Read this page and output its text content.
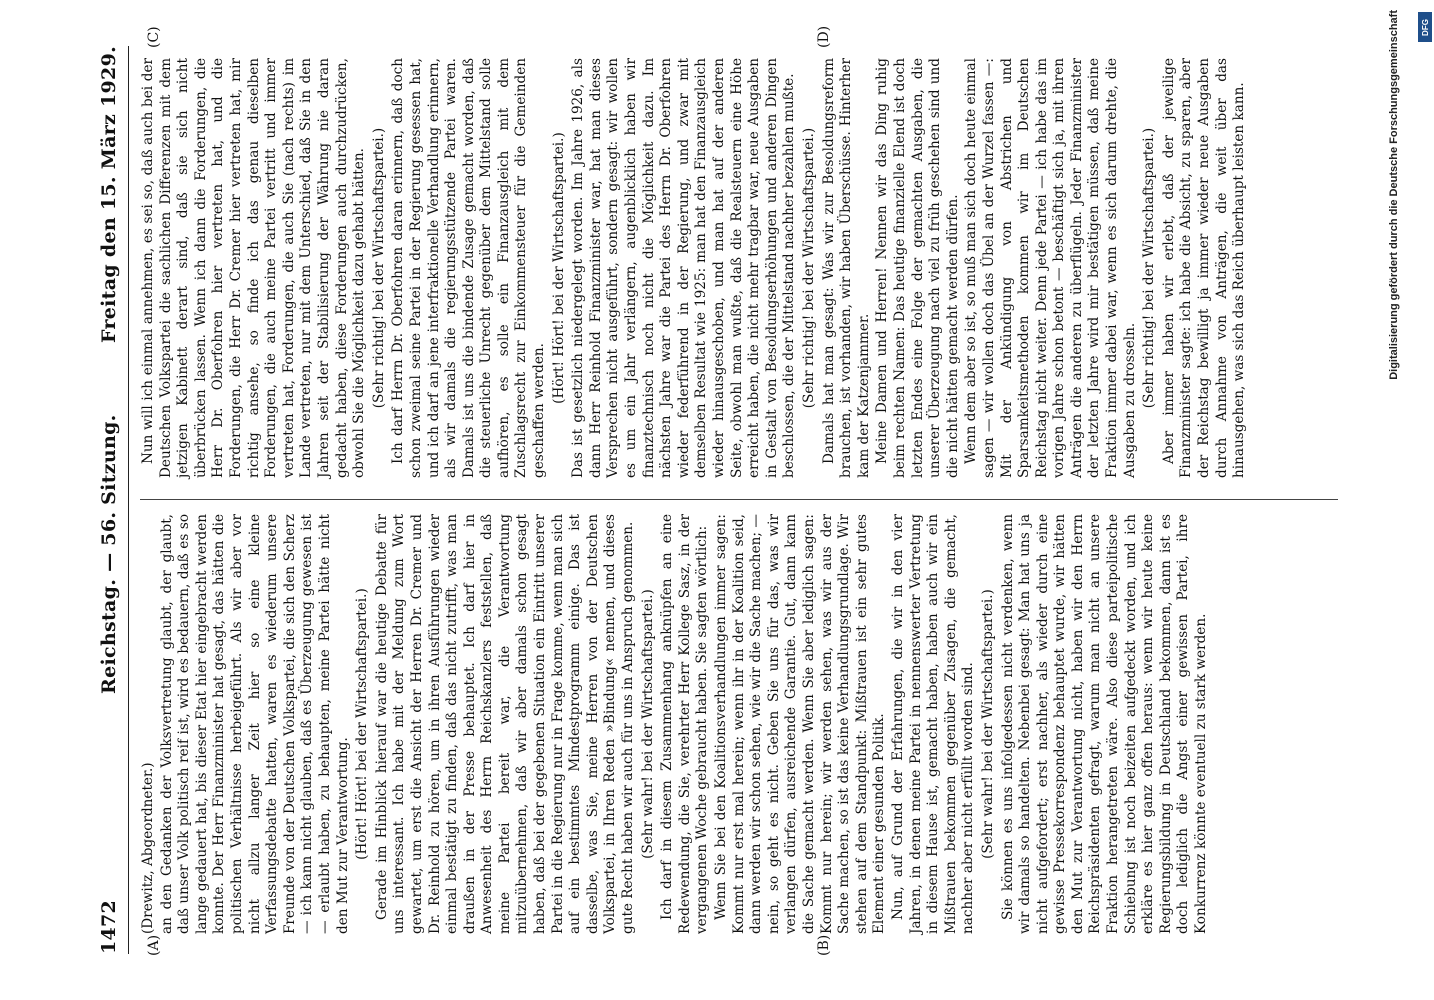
1472
Reichstag. — 56. Sitzung.
Freitag den 15. März 1929.
(A)	(B)
(C)	(D)

(Drewitz, Abgeordneter.) an den Gedanken der Volksvertretung glaubt, der glaubt, daß unser Volk politisch reif ist, wird es bedauern, daß es so lange gedauert hat, bis dieser Etat hier eingebracht werden konnte. Der Herr Finanzminister hat gesagt, das hätten die politischen Verhältnisse herbeigeführt. Als wir aber vor nicht allzu langer Zeit hier so eine kleine Verfassungsdebatte hatten, waren es wiederum unsere Freunde von der Deutschen Volkspartei, die sich den Scherz — ich kann nicht glauben, daß es Überzeugung gewesen ist — erlaubt haben, zu behaupten, meine Partei hätte nicht den Mut zur Verantwortung. (Hört! Hört! bei der Wirtschaftspartei.) Gerade im Hinblick hierauf war die heutige Debatte für uns interessant. Ich habe mit der Meldung zum Wort gewartet, um erst die Ansicht der Herren Dr. Cremer und Dr. Reinhold zu hören, um in ihren Ausführungen wieder einmal bestätigt zu finden, daß das nicht zutrifft, was man draußen in der Presse behauptet. Ich darf hier in Anwesenheit des Herrn Reichskanzlers feststellen, daß meine Partei bereit war, die Verantwortung mitzuübernehmen, daß wir aber damals schon gesagt haben, daß bei der gegebenen Situation ein Eintritt unserer Partei in die Regierung nur in Frage komme, wenn man sich auf ein bestimmtes Mindestprogramm einige. Das ist dasselbe, was Sie, meine Herren von der Deutschen Volkspartei, in Ihren Reden »Bindung« nennen, und dieses gute Recht haben wir auch für uns in Anspruch genommen. (Sehr wahr! bei der Wirtschaftspartei.) Ich darf in diesem Zusammenhang anknüpfen an eine Redewendung, die Sie, verehrter Herr Kollege Sasz, in der vergangenen Woche gebraucht haben. Sie sagten wörtlich: Wenn Sie bei den Koalitionsverhandlungen immer sagen: Kommt nur erst mal herein; wenn ihr in der Koalition seid, dann werden wir schon sehen, wie wir die Sache machen; — nein, so geht es nicht. Geben Sie uns für das, was wir verlangen dürfen, ausreichende Garantie. Gut, dann kann die Sache gemacht werden. Wenn Sie aber lediglich sagen: Kommt nur herein; wir werden sehen, was wir aus der Sache machen, so ist das keine Verhandlungsgrundlage. Wir stehen auf dem Standpunkt: Mißtrauen ist ein sehr gutes Element einer gesunden Politik. Nun, auf Grund der Erfahrungen, die wir in den vier Jahren, in denen meine Partei in nennenswerter Vertretung in diesem Hause ist, gemacht haben, haben auch wir ein Mißtrauen bekommen gegenüber Zusagen, die gemacht, nachher aber nicht erfüllt worden sind. (Sehr wahr! bei der Wirtschaftspartei.) Sie können es uns infolgedessen nicht verdenken, wenn wir damals so handelten. Nebenbei gesagt: Man hat uns ja nicht aufgefordert; erst nachher, als wieder durch eine gewisse Pressekorrespondenz behauptet wurde, wir hätten den Mut zur Verantwortung nicht, haben wir den Herrn Reichspräsidenten gefragt, warum man nicht an unsere Fraktion herangetreten wäre. Also diese parteipolitische Schiebung ist noch beizeiten aufgedeckt worden, und ich erkläre es hier ganz offen heraus: wenn wir heute keine Regierungsbildung in Deutschland bekommen, dann ist es doch lediglich die Angst einer gewissen Partei, ihre Konkurrenz könnte eventuell zu stark werden.

Nun will ich einmal annehmen, es sei so, daß auch bei der Deutschen Volkspartei die sachlichen Differenzen mit dem jetzigen Kabinett derart sind, daß sie sich nicht überbrücken lassen. Wenn ich dann die Forderungen, die Herr Dr. Oberfohren hier vertreten hat, und die Forderungen, die Herr Dr. Cremer hier vertreten hat, mir richtig ansehe, so finde ich das genau dieselben Forderungen, die auch meine Partei vertritt und immer vertreten hat, Forderungen, die auch Sie (nach rechts) im Lande vertreten, nur mit dem Unterschied, daß Sie in den Jahren seit der Stabilisierung der Währung nie daran gedacht haben, diese Forderungen auch durchzudrücken, obwohl Sie die Möglichkeit dazu gehabt hätten. (Sehr richtig! bei der Wirtschaftspartei.) Ich darf Herrn Dr. Oberfohren daran erinnern, daß doch schon zweimal seine Partei in der Regierung gesessen hat, und ich darf an jene interfraktionelle Verhandlung erinnern, als wir damals die regierungsstützende Partei waren. Damals ist uns die bindende Zusage gemacht worden, daß die steuerliche Unrecht gegenüber dem Mittelstand solle aufhören, es solle ein Finanzausgleich mit dem Zuschlagsrecht zur Einkommensteuer für die Gemeinden geschaffen werden.

(Hört! Hört! bei der Wirtschaftspartei.) Das ist gesetzlich niedergelegt worden. Im Jahre 1926, als dann Herr Reinhold Finanzminister war, hat man dieses Versprechen nicht ausgeführt, sondern gesagt: wir wollen es um ein Jahr verlängern, augenblicklich haben wir finanztechnisch noch nicht die Möglichkeit dazu. Im nächsten Jahre war die Partei des Herrn Dr. Oberfohren wieder federführend in der Regierung, und zwar mit demselben Resultat wie 1925: man hat den Finanzausgleich wieder hinausgeschoben, und man hat auf der anderen Seite, obwohl man wußte, daß die Realsteuern eine Höhe erreicht haben, die nicht mehr tragbar war, neue Ausgaben in Gestalt von Besoldungserhöhungen und anderen Dingen beschlossen, die der Mittelstand nachher bezahlen mußte. (Sehr richtig! bei der Wirtschaftspartei.) Damals hat man gesagt: Was wir zur Besoldungsreform brauchen, ist vorhanden, wir haben Überschüsse. Hinterher kam der Katzenjammer. Meine Damen und Herren! Nennen wir das Ding ruhig beim rechten Namen: Das heutige finanzielle Elend ist doch letzten Endes eine Folge der gemachten Ausgaben, die unserer Überzeugung nach viel zu früh geschehen sind und die nicht hätten gemacht werden dürfen. Wenn dem aber so ist, so muß man sich doch heute einmal sagen — wir wollen doch das Übel an der Wurzel fassen —: Mit der Ankündigung von Abstrichen und Sparsamkeitsmethoden kommen wir im Deutschen Reichstag nicht weiter. Denn jede Partei — ich habe das im vorigen Jahre schon betont — beschäftigt sich ja, mit ihren Anträgen die anderen zu überflügeln. Jeder Finanzminister der letzten Jahre wird mir bestätigen müssen, daß meine Fraktion immer dabei war, wenn es sich darum drehte, die Ausgaben zu drosseln. (Sehr richtig! bei der Wirtschaftspartei.) Aber immer haben wir erlebt, daß der jeweilige Finanzminister sagte: ich habe die Absicht, zu sparen, aber der Reichstag bewilligt ja immer wieder neue Ausgaben durch Annahme von Anträgen, die weit über das hinausgehen, was sich das Reich überhaupt leisten kann.	Digitalisierung gefördert durch die Deutsche Forschungsgemeinschaft	DFG
